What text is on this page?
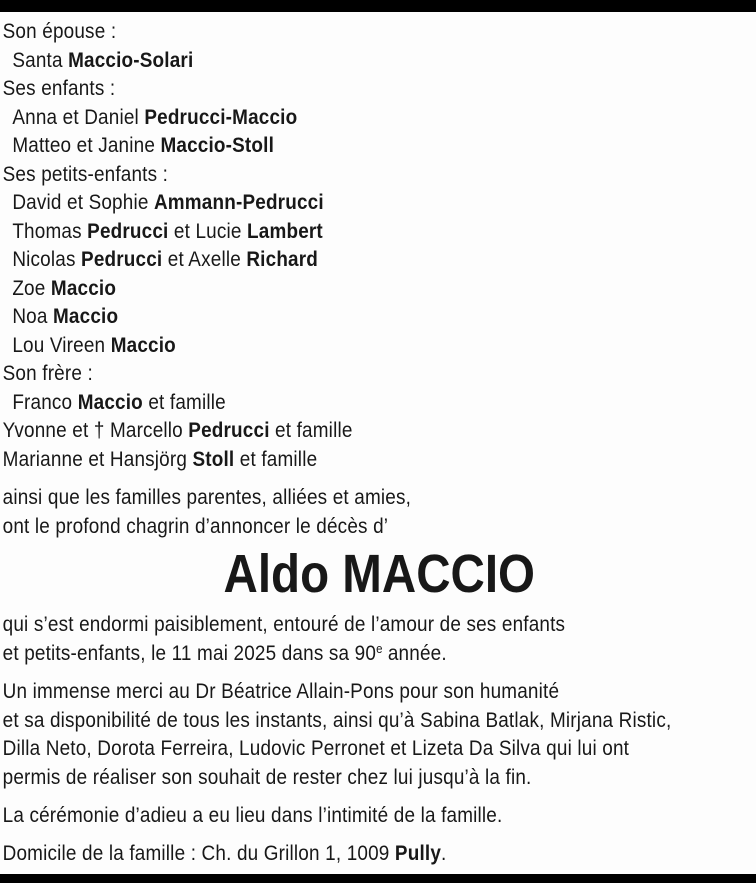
Son épouse :
Santa Maccio-Solari
Ses enfants :
Anna et Daniel Pedrucci-Maccio
Matteo et Janine Maccio-Stoll
Ses petits-enfants :
David et Sophie Ammann-Pedrucci
Thomas Pedrucci et Lucie Lambert
Nicolas Pedrucci et Axelle Richard
Zoe Maccio
Noa Maccio
Lou Vireen Maccio
Son frère :
Franco Maccio et famille
Yvonne et † Marcello Pedrucci et famille
Marianne et Hansjörg Stoll et famille
ainsi que les familles parentes, alliées et amies,
ont le profond chagrin d’annoncer le décès d’
Aldo MACCIO
qui s’est endormi paisiblement, entouré de l’amour de ses enfants
et petits-enfants, le 11 mai 2025 dans sa 90e année.
Un immense merci au Dr Béatrice Allain-Pons pour son humanité
et sa disponibilité de tous les instants, ainsi qu’à Sabina Batlak, Mirjana Ristic,
Dilla Neto, Dorota Ferreira, Ludovic Perronet et Lizeta Da Silva qui lui ont
permis de réaliser son souhait de rester chez lui jusqu’à la fin.
La cérémonie d’adieu a eu lieu dans l’intimité de la famille.
Domicile de la famille : Ch. du Grillon 1, 1009 Pully.
